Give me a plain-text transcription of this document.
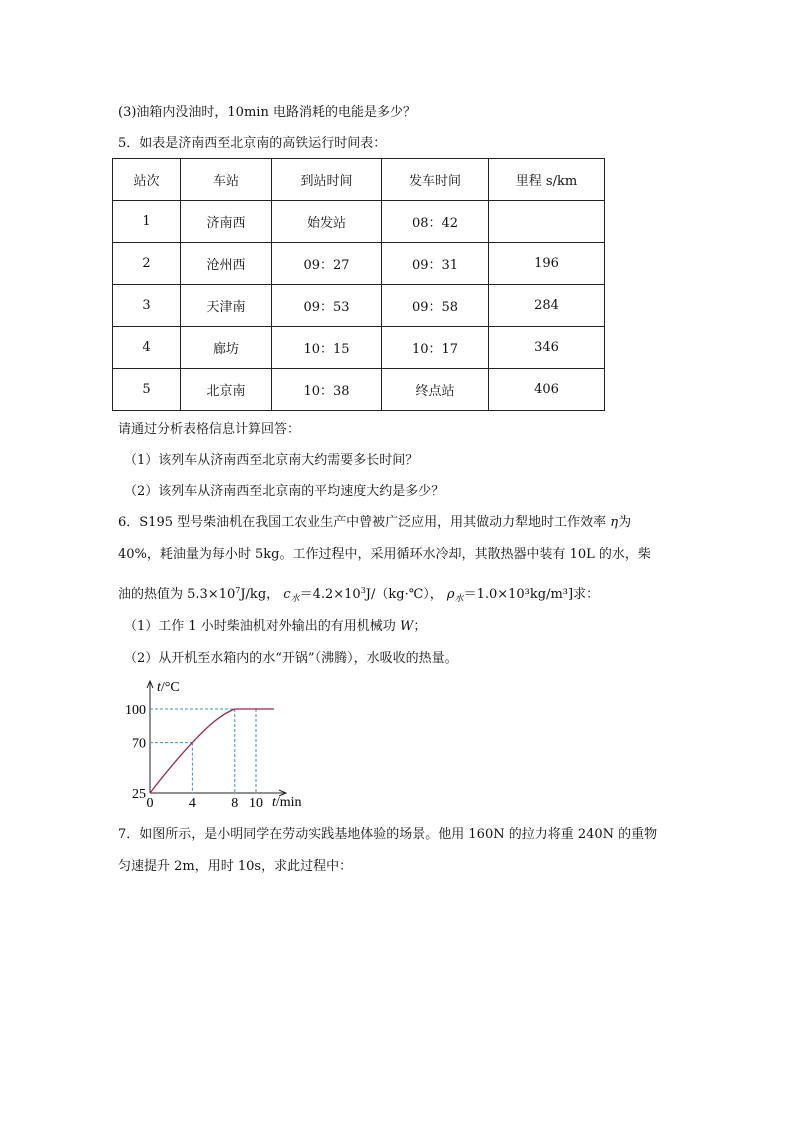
(3)油箱内没油时，10min 电路消耗的电能是多少？
5．如表是济南西至北京南的高铁运行时间表：
站次	车站	到站时间	发车时间	里程 s/km
1	济南西	始发站	08：42	
2	沧州西	09：27	09：31	196
3	天津南	09：53	09：58	284
4	廊坊	10：15	10：17	346
5	北京南	10：38	终点站	406
请通过分析表格信息计算回答：
（1）该列车从济南西至北京南大约需要多长时间？
（2）该列车从济南西至北京南的平均速度大约是多少？
6．S195 型号柴油机在我国工农业生产中曾被广泛应用，用其做动力犁地时工作效率 η为
40%，耗油量为每小时 5kg。工作过程中，采用循环水冷却，其散热器中装有 10L 的水，柴
油的热值为 $5.3\times 10^7J/kg$， $c_水=4.2\times 10^3J/(kg\cdot℃)$， $\rho_水=1.0\times 10^3kg/m^3$]求：
（1）工作 1 小时柴油机对外输出的有用机械功 W；
（2）从开机至水箱内的水“开锅”（沸腾），水吸收的热量。
25
70
100
0	4	8 10
t/°C
t/min
7．如图所示，是小明同学在劳动实践基地体验的场景。他用 160N 的拉力将重 240N 的重物
匀速提升 2m，用时 10s，求此过程中：
